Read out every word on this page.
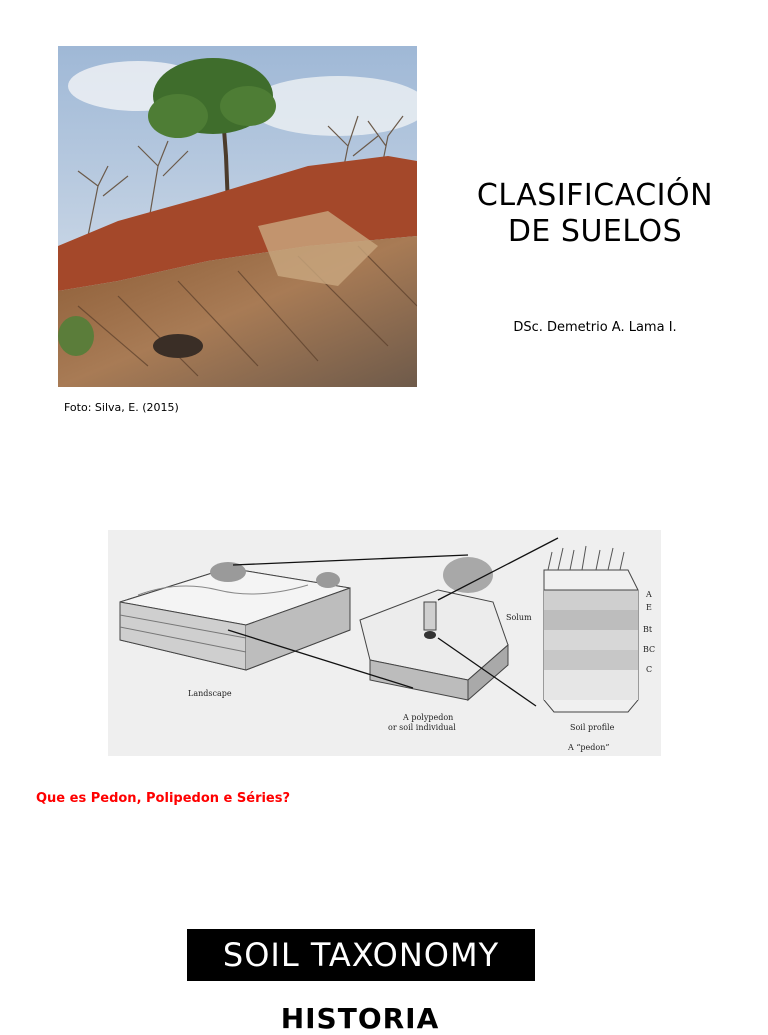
Foto: Silva, E. (2015)
CLASIFICACIÓN
DE SUELOS
DSc. Demetrio A. Lama I.
Landscape
A polypedon
or soil individual
Solum
A
E
Bt
BC
C
Soil profile
A “pedon”
Que es Pedon, Polipedon e Séries?
SOIL TAXONOMY
HISTORIA
